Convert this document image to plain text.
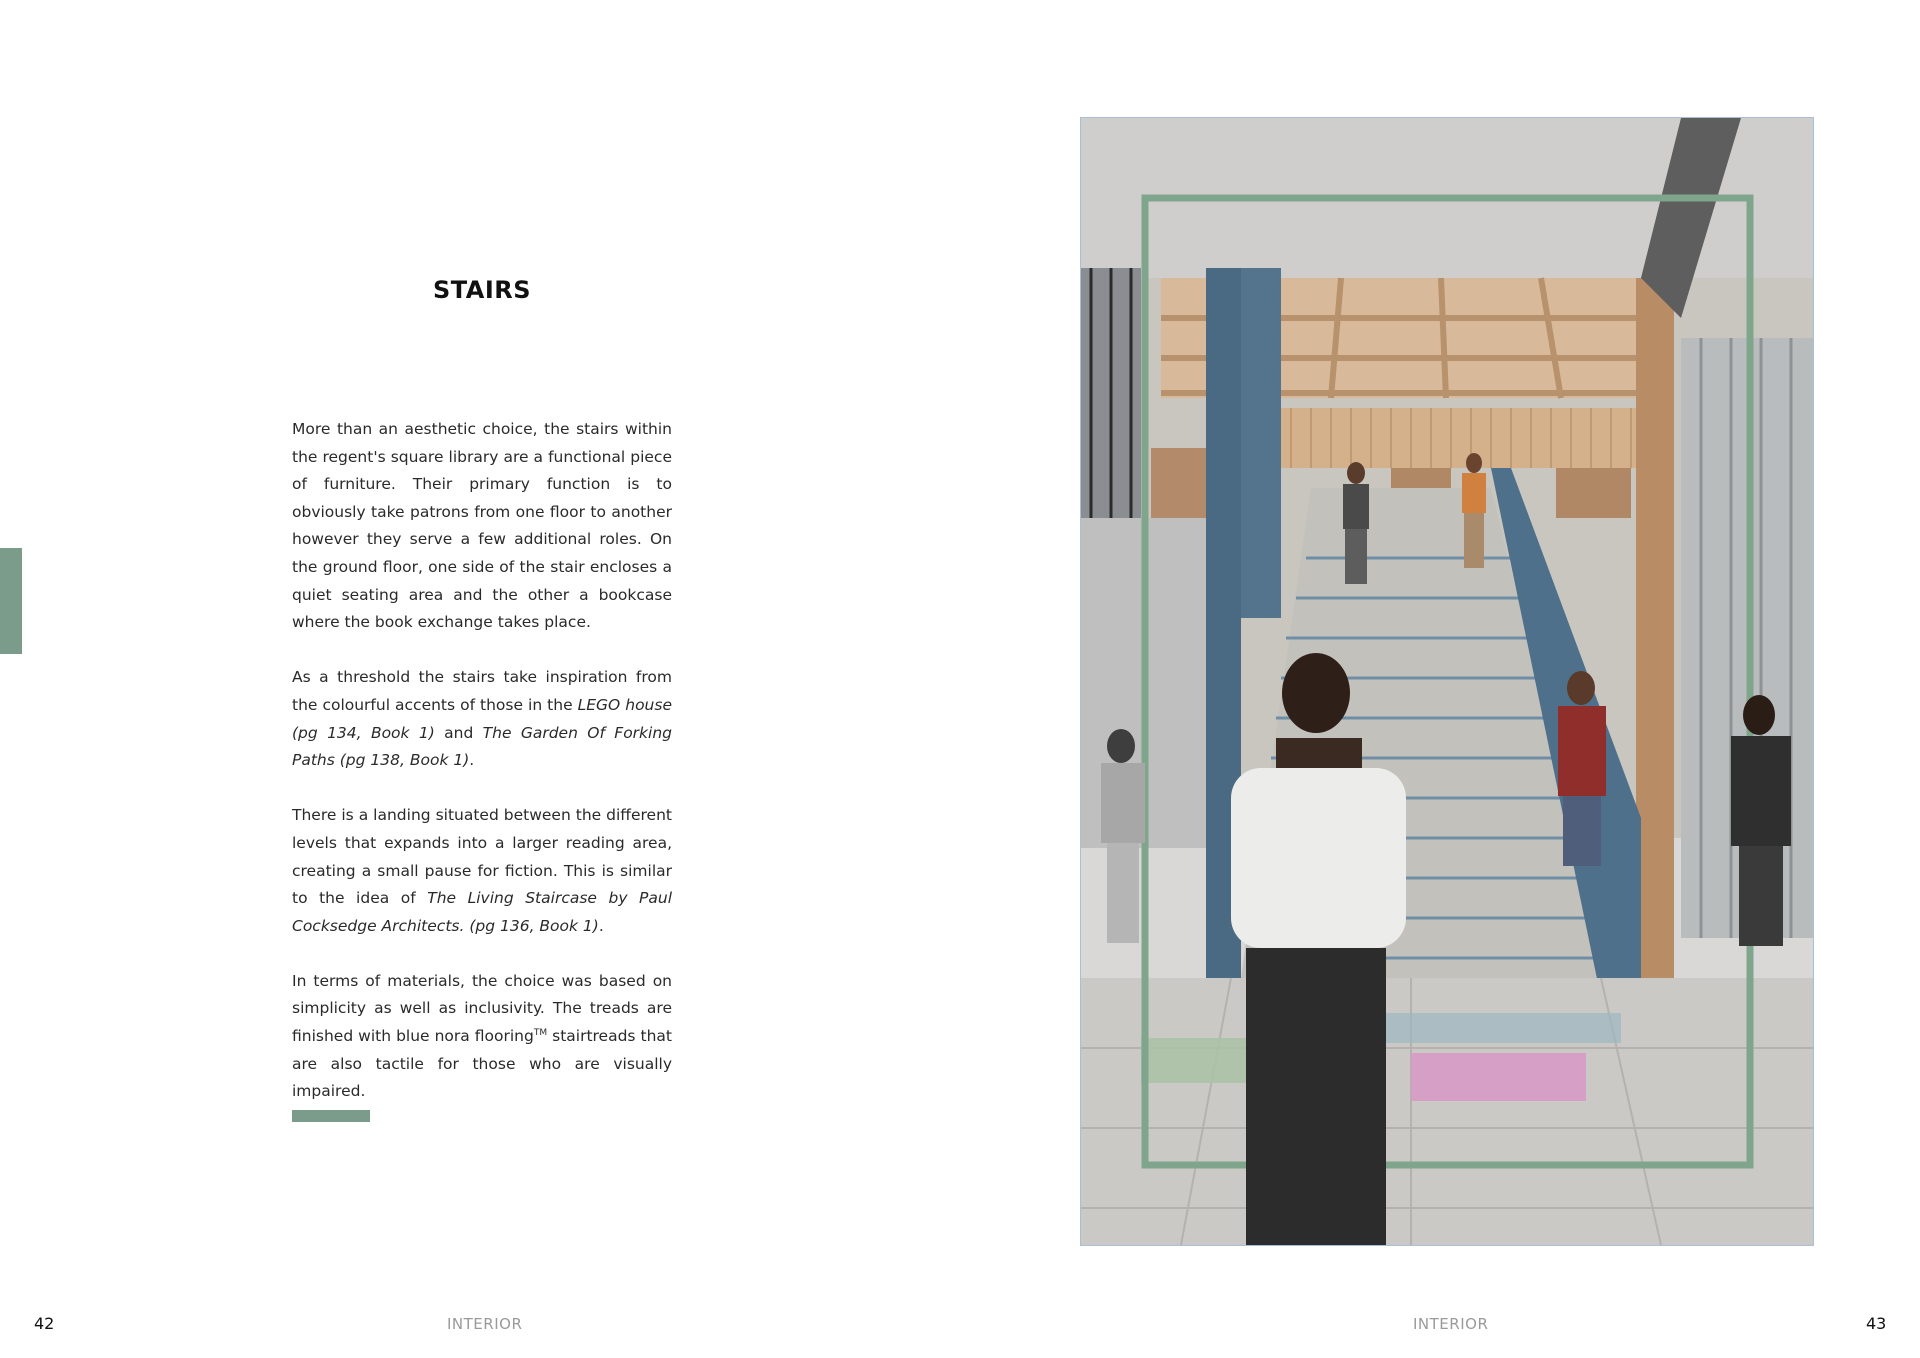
STAIRS

More than an aesthetic choice, the stairs within the regent's square library are a functional piece of furniture. Their primary function is to obviously take patrons from one floor to another however they serve a few additional roles. On the ground floor, one side of the stair encloses a quiet seating area and the other a bookcase where the book exchange takes place.

As a threshold the stairs take inspiration from the colourful accents of those in the LEGO house (pg 134, Book 1) and The Garden Of Forking Paths (pg 138, Book 1).

There is a landing situated between the different levels that expands into a larger reading area, creating a small pause for fiction. This is similar to the idea of The Living Staircase by Paul Cocksedge Architects. (pg 136, Book 1).

In terms of materials, the choice was based on simplicity as well as inclusivity. The treads are finished with blue nora flooring™ stairtreads that are also tactile for those who are visually impaired.

42	INTERIOR	INTERIOR	43
